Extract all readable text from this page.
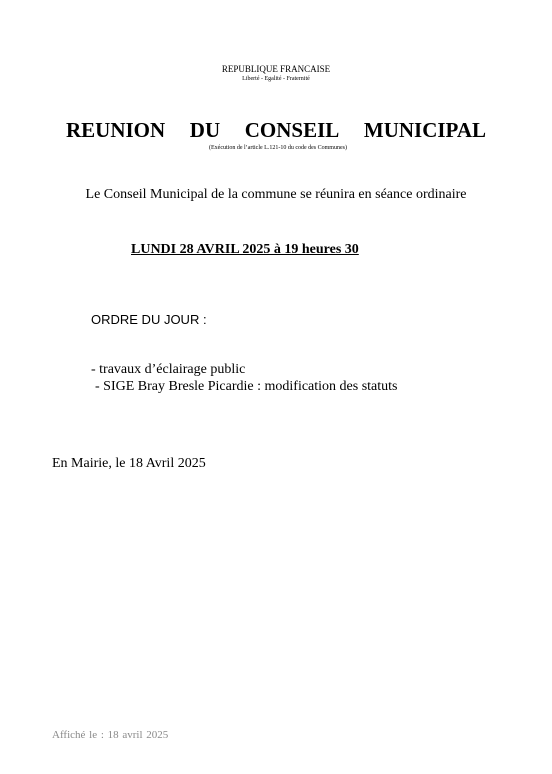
REPUBLIQUE FRANCAISE
Liberté - Egalité - Fraternité
REUNION DU CONSEIL MUNICIPAL
(Exécution de l’article L.121-10 du code des Communes)
Le Conseil Municipal de la commune se réunira en séance ordinaire
LUNDI 28 AVRIL 2025 à 19 heures 30
ORDRE DU JOUR :
- travaux d’éclairage public
- SIGE Bray Bresle Picardie : modification des statuts
En Mairie, le 18 Avril 2025
Affiché le : 18 avril 2025
